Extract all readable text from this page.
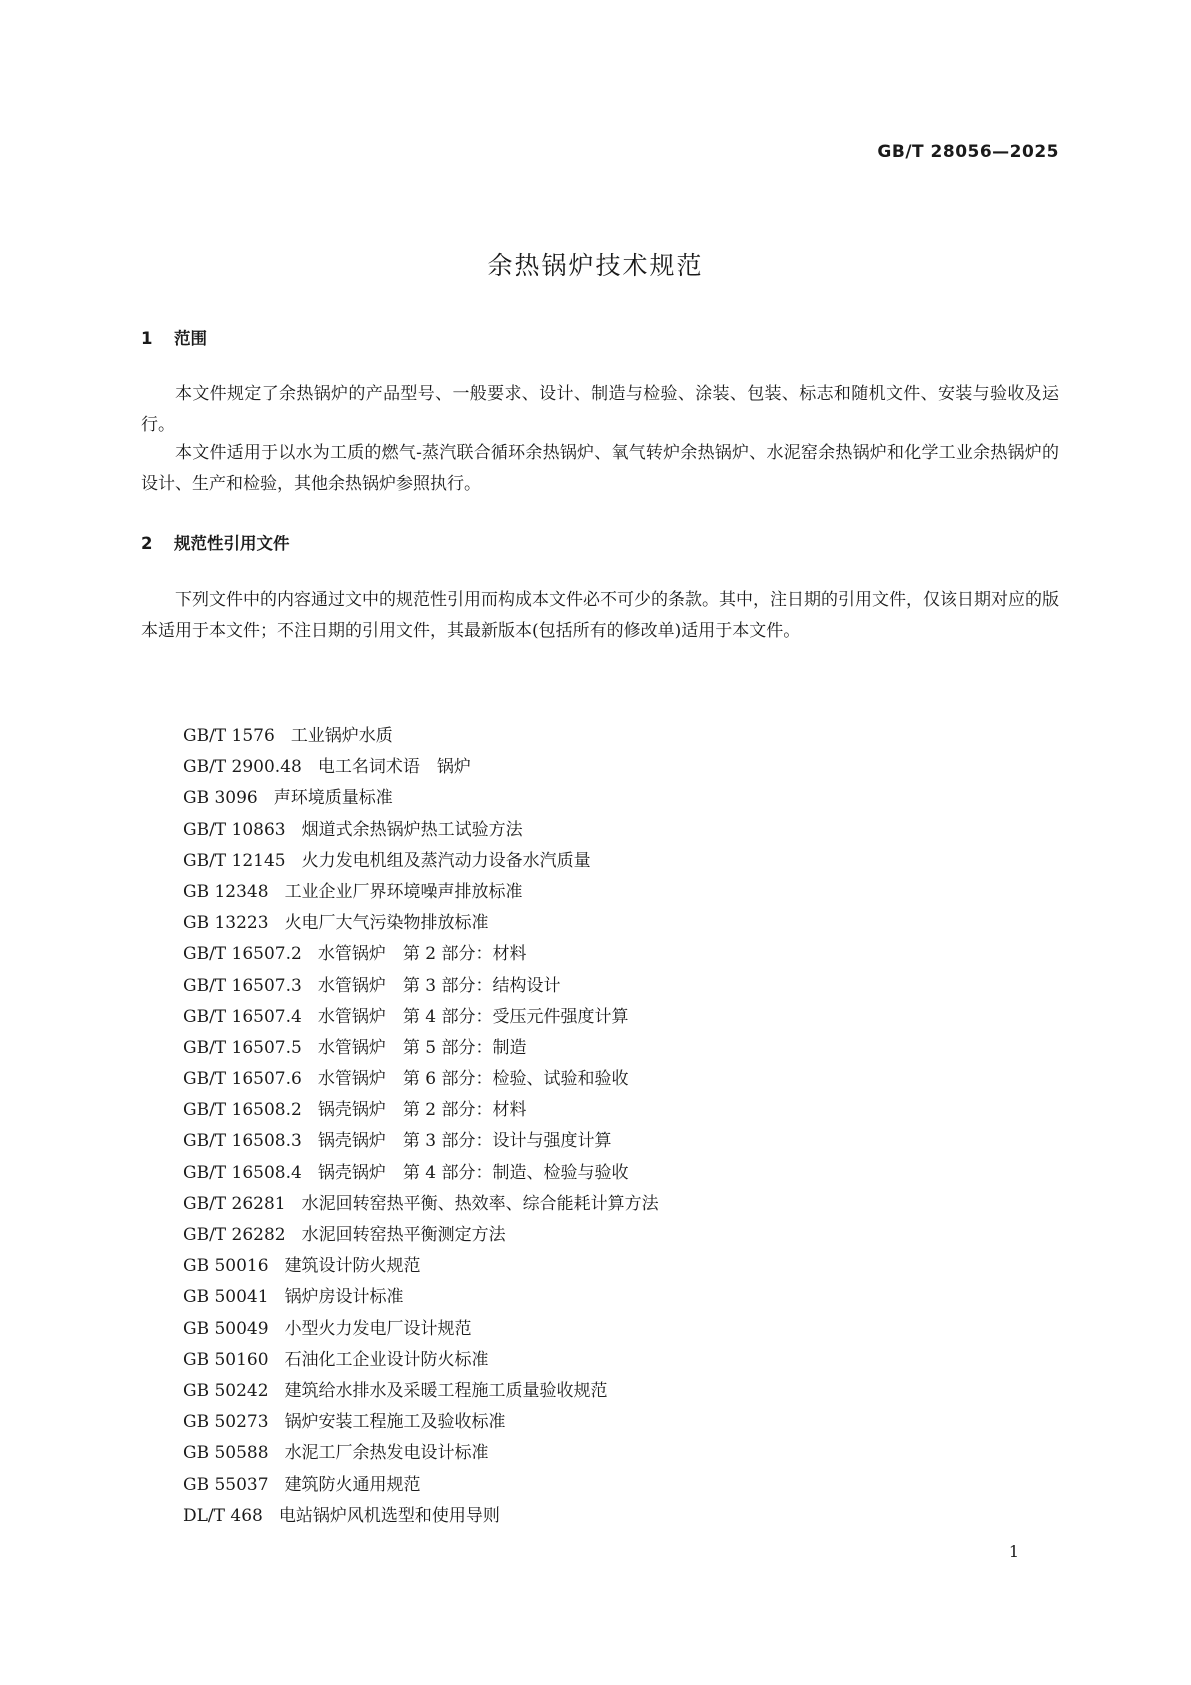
GB/T 28056—2025
余热锅炉技术规范
1 范围

本文件规定了余热锅炉的产品型号、一般要求、设计、制造与检验、涂装、包装、标志和随机文件、安装与验收及运行。

本文件适用于以水为工质的燃气-蒸汽联合循环余热锅炉、氧气转炉余热锅炉、水泥窑余热锅炉和化学工业余热锅炉的设计、生产和检验，其他余热锅炉参照执行。

2 规范性引用文件

下列文件中的内容通过文中的规范性引用而构成本文件必不可少的条款。其中，注日期的引用文件，仅该日期对应的版本适用于本文件；不注日期的引用文件，其最新版本(包括所有的修改单)适用于本文件。

GB/T 1576 工业锅炉水质
GB/T 2900.48 电工名词术语　锅炉
GB 3096 声环境质量标准
GB/T 10863 烟道式余热锅炉热工试验方法
GB/T 12145 火力发电机组及蒸汽动力设备水汽质量
GB 12348 工业企业厂界环境噪声排放标准
GB 13223 火电厂大气污染物排放标准
GB/T 16507.2 水管锅炉　第 2 部分：材料
GB/T 16507.3 水管锅炉　第 3 部分：结构设计
GB/T 16507.4 水管锅炉　第 4 部分：受压元件强度计算
GB/T 16507.5 水管锅炉　第 5 部分：制造
GB/T 16507.6 水管锅炉　第 6 部分：检验、试验和验收
GB/T 16508.2 锅壳锅炉　第 2 部分：材料
GB/T 16508.3 锅壳锅炉　第 3 部分：设计与强度计算
GB/T 16508.4 锅壳锅炉　第 4 部分：制造、检验与验收
GB/T 26281 水泥回转窑热平衡、热效率、综合能耗计算方法
GB/T 26282 水泥回转窑热平衡测定方法
GB 50016 建筑设计防火规范
GB 50041 锅炉房设计标准
GB 50049 小型火力发电厂设计规范
GB 50160 石油化工企业设计防火标准
GB 50242 建筑给水排水及采暖工程施工质量验收规范
GB 50273 锅炉安装工程施工及验收标准
GB 50588 水泥工厂余热发电设计标准
GB 55037 建筑防火通用规范
DL/T 468 电站锅炉风机选型和使用导则
1
